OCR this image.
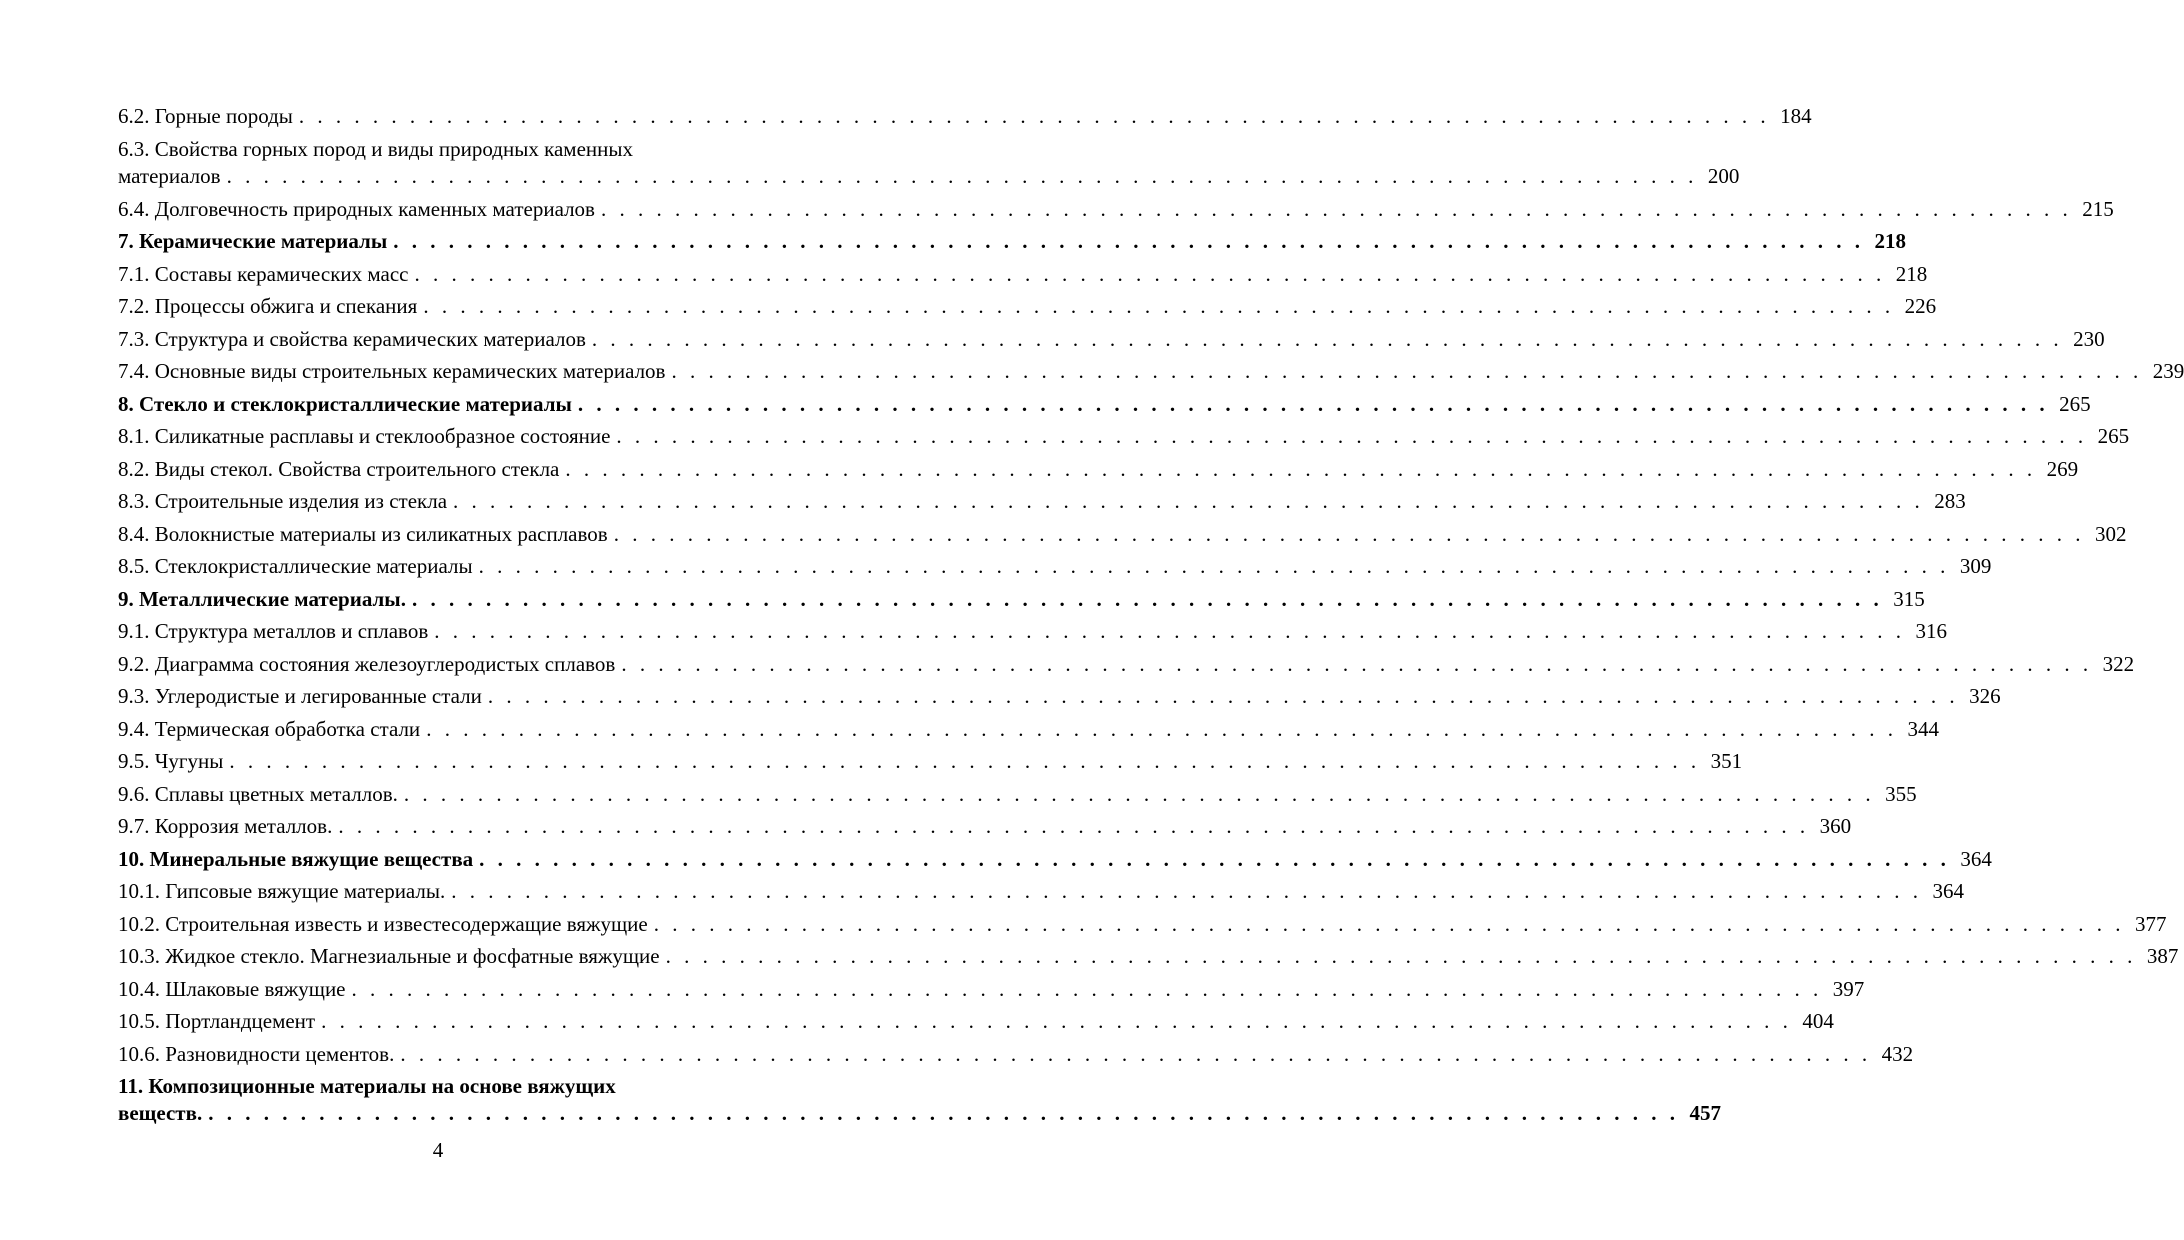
6.2. Горные породы . . . . . . . . . . . . . . . . . . . . . . . . . . . . . . . . . . . . . . . . . . . . . . . . . . . . . . . . . . . . . . . . . . . . . . . . . . . . . . . . 184
6.3. Свойства горных пород и виды природных каменных
материалов . . . . . . . . . . . . . . . . . . . . . . . . . . . . . . . . . . . . . . . . . . . . . . . . . . . . . . . . . . . . . . . . . . . . . . . . . . . . . . . . 200
6.4. Долговечность природных каменных материалов . . . . . . . . . . . . . . . . . . . . . . . . . . . . . . . . . . . . . . . . . . . . . . . . . . . . . . . . . . . . . . . . . . . . . . . . . . . . . . . . 215
7. Керамические материалы . . . . . . . . . . . . . . . . . . . . . . . . . . . . . . . . . . . . . . . . . . . . . . . . . . . . . . . . . . . . . . . . . . . . . . . . . . . . . . . . 218
7.1. Составы керамических масс . . . . . . . . . . . . . . . . . . . . . . . . . . . . . . . . . . . . . . . . . . . . . . . . . . . . . . . . . . . . . . . . . . . . . . . . . . . . . . . . 218
7.2. Процессы обжига и спекания . . . . . . . . . . . . . . . . . . . . . . . . . . . . . . . . . . . . . . . . . . . . . . . . . . . . . . . . . . . . . . . . . . . . . . . . . . . . . . . . 226
7.3. Структура и свойства керамических материалов . . . . . . . . . . . . . . . . . . . . . . . . . . . . . . . . . . . . . . . . . . . . . . . . . . . . . . . . . . . . . . . . . . . . . . . . . . . . . . . . 230
7.4. Основные виды строительных керамических материалов . . . . . . . . . . . . . . . . . . . . . . . . . . . . . . . . . . . . . . . . . . . . . . . . . . . . . . . . . . . . . . . . . . . . . . . . . . . . . . . . 239
8. Стекло и стеклокристаллические материалы . . . . . . . . . . . . . . . . . . . . . . . . . . . . . . . . . . . . . . . . . . . . . . . . . . . . . . . . . . . . . . . . . . . . . . . . . . . . . . . . 265
8.1. Силикатные расплавы и стеклообразное состояние . . . . . . . . . . . . . . . . . . . . . . . . . . . . . . . . . . . . . . . . . . . . . . . . . . . . . . . . . . . . . . . . . . . . . . . . . . . . . . . . 265
8.2. Виды стекол. Свойства строительного стекла . . . . . . . . . . . . . . . . . . . . . . . . . . . . . . . . . . . . . . . . . . . . . . . . . . . . . . . . . . . . . . . . . . . . . . . . . . . . . . . . 269
8.3. Строительные изделия из стекла . . . . . . . . . . . . . . . . . . . . . . . . . . . . . . . . . . . . . . . . . . . . . . . . . . . . . . . . . . . . . . . . . . . . . . . . . . . . . . . . 283
8.4. Волокнистые материалы из силикатных расплавов . . . . . . . . . . . . . . . . . . . . . . . . . . . . . . . . . . . . . . . . . . . . . . . . . . . . . . . . . . . . . . . . . . . . . . . . . . . . . . . . 302
8.5. Стеклокристаллические материалы . . . . . . . . . . . . . . . . . . . . . . . . . . . . . . . . . . . . . . . . . . . . . . . . . . . . . . . . . . . . . . . . . . . . . . . . . . . . . . . . 309
9. Металлические материалы. . . . . . . . . . . . . . . . . . . . . . . . . . . . . . . . . . . . . . . . . . . . . . . . . . . . . . . . . . . . . . . . . . . . . . . . . . . . . . . . . 315
9.1. Структура металлов и сплавов . . . . . . . . . . . . . . . . . . . . . . . . . . . . . . . . . . . . . . . . . . . . . . . . . . . . . . . . . . . . . . . . . . . . . . . . . . . . . . . . 316
9.2. Диаграмма состояния железоуглеродистых сплавов . . . . . . . . . . . . . . . . . . . . . . . . . . . . . . . . . . . . . . . . . . . . . . . . . . . . . . . . . . . . . . . . . . . . . . . . . . . . . . . . 322
9.3. Углеродистые и легированные стали . . . . . . . . . . . . . . . . . . . . . . . . . . . . . . . . . . . . . . . . . . . . . . . . . . . . . . . . . . . . . . . . . . . . . . . . . . . . . . . . 326
9.4. Термическая обработка стали . . . . . . . . . . . . . . . . . . . . . . . . . . . . . . . . . . . . . . . . . . . . . . . . . . . . . . . . . . . . . . . . . . . . . . . . . . . . . . . . 344
9.5. Чугуны . . . . . . . . . . . . . . . . . . . . . . . . . . . . . . . . . . . . . . . . . . . . . . . . . . . . . . . . . . . . . . . . . . . . . . . . . . . . . . . . 351
9.6. Сплавы цветных металлов. . . . . . . . . . . . . . . . . . . . . . . . . . . . . . . . . . . . . . . . . . . . . . . . . . . . . . . . . . . . . . . . . . . . . . . . . . . . . . . . . 355
9.7. Коррозия металлов. . . . . . . . . . . . . . . . . . . . . . . . . . . . . . . . . . . . . . . . . . . . . . . . . . . . . . . . . . . . . . . . . . . . . . . . . . . . . . . . . 360
10. Минеральные вяжущие вещества . . . . . . . . . . . . . . . . . . . . . . . . . . . . . . . . . . . . . . . . . . . . . . . . . . . . . . . . . . . . . . . . . . . . . . . . . . . . . . . . 364
10.1. Гипсовые вяжущие материалы. . . . . . . . . . . . . . . . . . . . . . . . . . . . . . . . . . . . . . . . . . . . . . . . . . . . . . . . . . . . . . . . . . . . . . . . . . . . . . . . . 364
10.2. Строительная известь и известесодержащие вяжущие . . . . . . . . . . . . . . . . . . . . . . . . . . . . . . . . . . . . . . . . . . . . . . . . . . . . . . . . . . . . . . . . . . . . . . . . . . . . . . . . 377
10.3. Жидкое стекло. Магнезиальные и фосфатные вяжущие . . . . . . . . . . . . . . . . . . . . . . . . . . . . . . . . . . . . . . . . . . . . . . . . . . . . . . . . . . . . . . . . . . . . . . . . . . . . . . . . 387
10.4. Шлаковые вяжущие . . . . . . . . . . . . . . . . . . . . . . . . . . . . . . . . . . . . . . . . . . . . . . . . . . . . . . . . . . . . . . . . . . . . . . . . . . . . . . . . 397
10.5. Портландцемент . . . . . . . . . . . . . . . . . . . . . . . . . . . . . . . . . . . . . . . . . . . . . . . . . . . . . . . . . . . . . . . . . . . . . . . . . . . . . . . . 404
10.6. Разновидности цементов. . . . . . . . . . . . . . . . . . . . . . . . . . . . . . . . . . . . . . . . . . . . . . . . . . . . . . . . . . . . . . . . . . . . . . . . . . . . . . . . . 432
11. Композиционные материалы на основе вяжущих
веществ. . . . . . . . . . . . . . . . . . . . . . . . . . . . . . . . . . . . . . . . . . . . . . . . . . . . . . . . . . . . . . . . . . . . . . . . . . . . . . . . . 457
4
